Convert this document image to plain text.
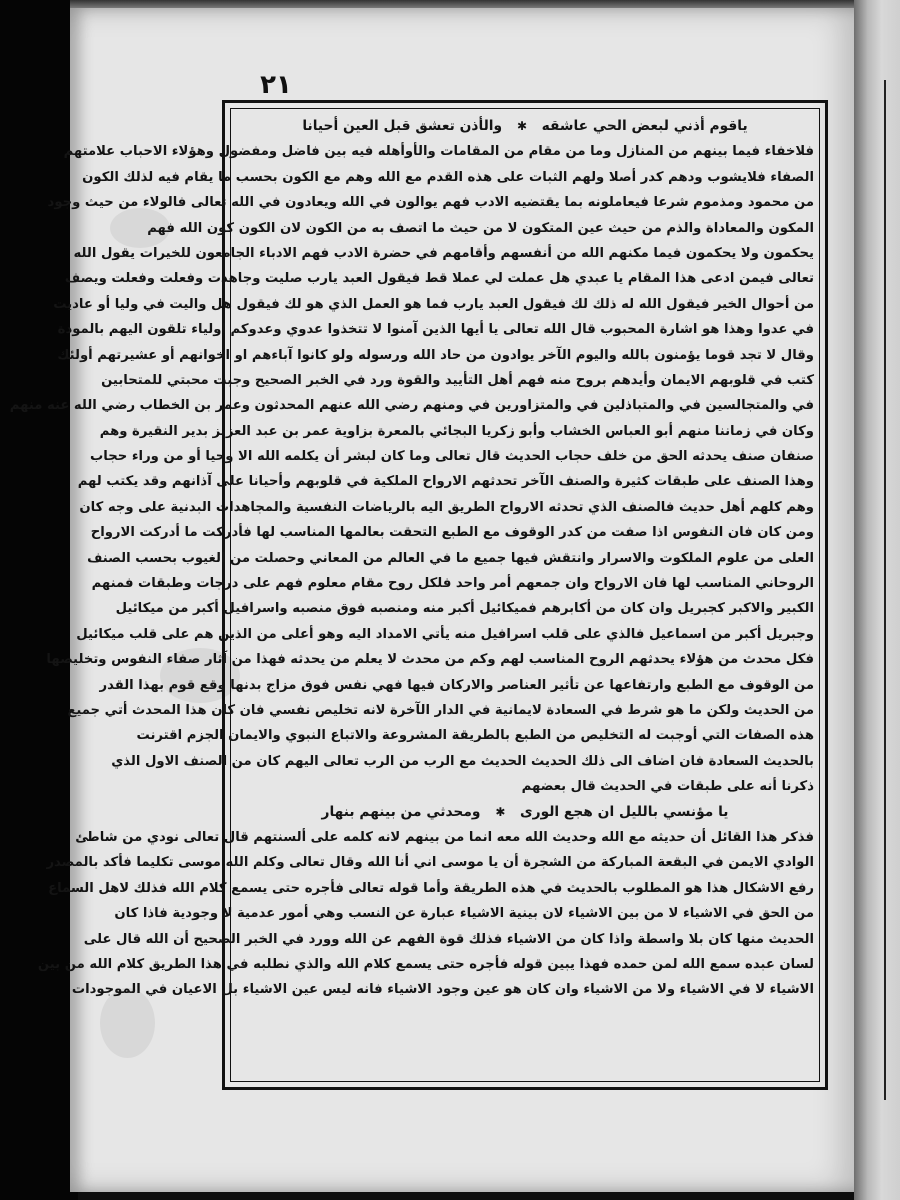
٢١
ياقوم أذني لبعض الحي عاشقه ✱ والأذن تعشق قبل العين أحيانا
فلاخفاء فيما بينهم من المنازل وما من مقام من المقامات والأوأهله فيه بين فاضل ومفضول وهؤلاء الاحباب علامتهم
الصفاء فلايشوب ودهم كدر أصلا ولهم الثبات على هذه القدم مع الله وهم مع الكون بحسب ما يقام فيه لذلك الكون
من محمود ومذموم شرعا فيعاملونه بما يقتضيه الادب فهم يوالون في الله ويعادون في الله تعالى فالولاء من حيث وجود
المكون والمعاداة والذم من حيث عين المتكون لا من حيث ما اتصف به من الكون لان الكون كون الله فهم
يحكمون ولا يحكمون فيما مكنهم الله من أنفسهم وأقامهم في حضرة الادب فهم الادباء الجامعون للخيرات يقول الله
تعالى فيمن ادعى هذا المقام يا عبدي هل عملت لي عملا قط فيقول العبد يارب صليت وجاهدت وفعلت وفعلت ويصف
من أحوال الخير فيقول الله له ذلك لك فيقول العبد يارب فما هو العمل الذي هو لك فيقول هل واليت في وليا أو عاديت
في عدوا وهذا هو اشارة المحبوب قال الله تعالى يا أيها الذين آمنوا لا تتخذوا عدوي وعدوكم أولياء تلقون اليهم بالمودة
وقال لا تجد قوما يؤمنون بالله واليوم الآخر يوادون من حاد الله ورسوله ولو كانوا آباءهم او اخوانهم أو عشيرتهم أولئك
كتب في قلوبهم الايمان وأيدهم بروح منه فهم أهل التأييد والقوة ورد في الخبر الصحيح وجبت محبتي للمتحابين
في والمتجالسين في والمتباذلين في والمتزاورين في ومنهم رضي الله عنهم المحدثون وعمر بن الخطاب رضي الله عنه منهم
وكان في زماننا منهم أبو العباس الخشاب وأبو زكريا البجائي بالمعرة بزاوية عمر بن عبد العزيز بدير النقيرة وهم
صنفان صنف يحدثه الحق من خلف حجاب الحديث قال تعالى وما كان لبشر أن يكلمه الله الا وحيا أو من وراء حجاب
وهذا الصنف على طبقات كثيرة والصنف الآخر تحدثهم الارواح الملكية في قلوبهم وأحيانا على آذانهم وقد يكتب لهم
وهم كلهم أهل حديث فالصنف الذي تحدثه الارواح الطريق اليه بالرياضات النفسية والمجاهدات البدنية على وجه كان
ومن كان فان النفوس اذا صفت من كدر الوقوف مع الطبع التحقت بعالمها المناسب لها فأدركت ما أدركت الارواح
العلى من علوم الملكوت والاسرار وانتقش فيها جميع ما في العالم من المعاني وحصلت من الغيوب بحسب الصنف
الروحاني المناسب لها فان الارواح وان جمعهم أمر واحد فلكل روح مقام معلوم فهم على درجات وطبقات فمنهم
الكبير والاكبر كجبريل وان كان من أكابرهم فميكائيل أكبر منه ومنصبه فوق منصبه واسرافيل أكبر من ميكائيل
وجبريل أكبر من اسماعيل فالذي على قلب اسرافيل منه يأتي الامداد اليه وهو أعلى من الذين هم على قلب ميكائيل
فكل محدث من هؤلاء يحدثهم الروح المناسب لهم وكم من محدث لا يعلم من يحدثه فهذا من آثار صفاء النفوس وتخليصها
من الوقوف مع الطبع وارتفاعها عن تأثير العناصر والاركان فيها فهي نفس فوق مزاج بدنها وقع قوم بهذا القدر
من الحديث ولكن ما هو شرط في السعادة لايمانية في الدار الآخرة لانه تخليص نفسي فان كان هذا المحدث أتي جميع
هذه الصفات التي أوجبت له التخليص من الطبع بالطريقة المشروعة والاتباع النبوي والايمان الجزم اقترنت
بالحديث السعادة فان اضاف الى ذلك الحديث الحديث مع الرب من الرب تعالى اليهم كان من الصنف الاول الذي
ذكرنا أنه على طبقات في الحديث قال بعضهم
يا مؤنسي بالليل ان هجع الورى ✱ ومحدثي من بينهم بنهار
فذكر هذا القائل أن حديثه مع الله وحديث الله معه انما من بينهم لانه كلمه على ألسنتهم قال تعالى نودي من شاطئ
الوادي الايمن في البقعة المباركة من الشجرة أن يا موسى اني أنا الله وقال تعالى وكلم الله موسى تكليما فأكد بالمصدر
رفع الاشكال هذا هو المطلوب بالحديث في هذه الطريقة وأما قوله تعالى فأجره حتى يسمع كلام الله فذلك لاهل السماع
من الحق في الاشياء لا من بين الاشياء لان بينية الاشياء عبارة عن النسب وهي أمور عدمية لا وجودية فاذا كان
الحديث منها كان بلا واسطة واذا كان من الاشياء فذلك قوة الفهم عن الله وورد في الخبر الصحيح أن الله قال على
لسان عبده سمع الله لمن حمده فهذا يبين قوله فأجره حتى يسمع كلام الله والذي نطلبه في هذا الطريق كلام الله من بين
الاشياء لا في الاشياء ولا من الاشياء وان كان هو عين وجود الاشياء فانه ليس عين الاشياء بل الاعيان في الموجودات
